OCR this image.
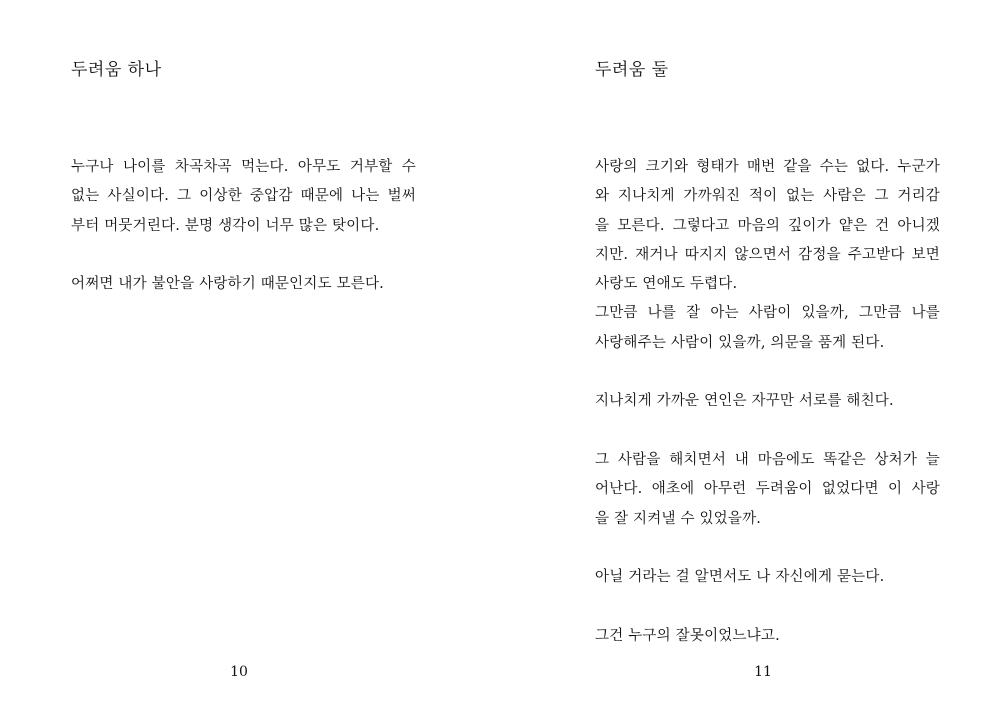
두려움 하나
누구나 나이를 차곡차곡 먹는다. 아무도 거부할 수
없는 사실이다. 그 이상한 중압감 때문에 나는 벌써
부터 머뭇거린다. 분명 생각이 너무 많은 탓이다.
어쩌면 내가 불안을 사랑하기 때문인지도 모른다.
10
두려움 둘
사랑의 크기와 형태가 매번 같을 수는 없다. 누군가
와 지나치게 가까워진 적이 없는 사람은 그 거리감
을 모른다. 그렇다고 마음의 깊이가 얕은 건 아니겠
지만. 재거나 따지지 않으면서 감정을 주고받다 보면
사랑도 연애도 두렵다.
그만큼 나를 잘 아는 사람이 있을까, 그만큼 나를
사랑해주는 사람이 있을까, 의문을 품게 된다.
지나치게 가까운 연인은 자꾸만 서로를 해친다.
그 사람을 해치면서 내 마음에도 똑같은 상처가 늘
어난다. 애초에 아무런 두려움이 없었다면 이 사랑
을 잘 지켜낼 수 있었을까.
아닐 거라는 걸 알면서도 나 자신에게 묻는다.
그건 누구의 잘못이었느냐고.
11
